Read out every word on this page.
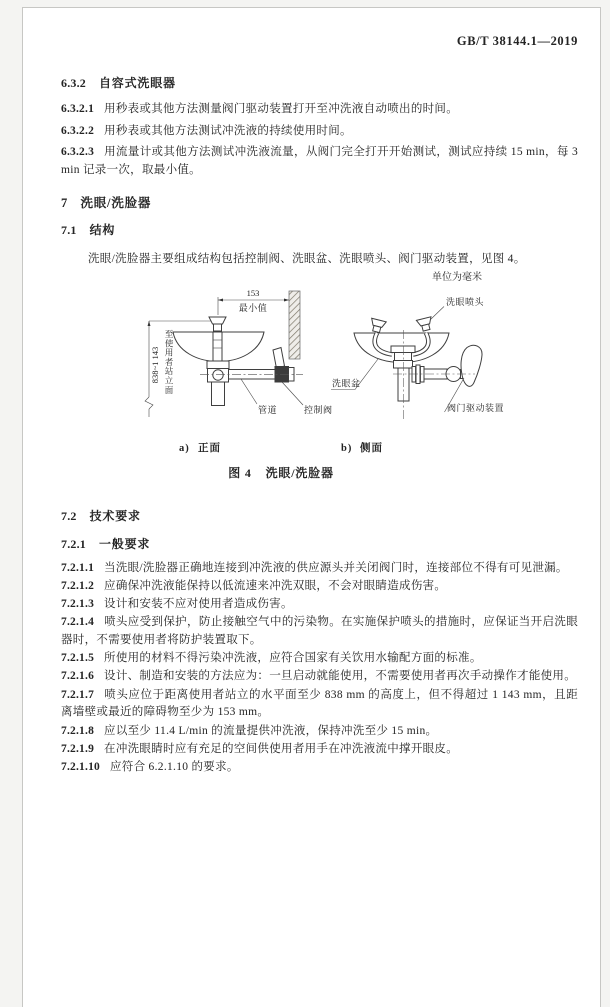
GB/T 38144.1—2019
6.3.2 自容式洗眼器

6.3.2.1 用秒表或其他方法测量阀门驱动装置打开至冲洗液自动喷出的时间。

6.3.2.2 用秒表或其他方法测试冲洗液的持续使用时间。

6.3.2.3 用流量计或其他方法测试冲洗液流量，从阀门完全打开开始测试，测试应持续 15 min，每 3 min 记录一次，取最小值。

7 洗眼/洗脸器
7.1 结构

洗眼/洗脸器主要组成结构包括控制阀、洗眼盆、洗眼喷头、阀门驱动装置，见图 4。

单位为毫米
153
最小值
838~1 143
至使用者站立面
管道	控制阀
a) 正面
洗眼喷头
洗眼盆
阀门驱动装置
b) 侧面
图 4 洗眼/洗脸器
7.2 技术要求
7.2.1 一般要求

7.2.1.1 当洗眼/洗脸器正确地连接到冲洗液的供应源头并关闭阀门时，连接部位不得有可见泄漏。

7.2.1.2 应确保冲洗液能保持以低流速来冲洗双眼，不会对眼睛造成伤害。

7.2.1.3 设计和安装不应对使用者造成伤害。

7.2.1.4 喷头应受到保护，防止接触空气中的污染物。在实施保护喷头的措施时，应保证当开启洗眼器时，不需要使用者将防护装置取下。

7.2.1.5 所使用的材料不得污染冲洗液，应符合国家有关饮用水输配方面的标准。

7.2.1.6 设计、制造和安装的方法应为：一旦启动就能使用，不需要使用者再次手动操作才能使用。

7.2.1.7 喷头应位于距离使用者站立的水平面至少 838 mm 的高度上，但不得超过 1 143 mm，且距离墙壁或最近的障碍物至少为 153 mm。

7.2.1.8 应以至少 11.4 L/min 的流量提供冲洗液，保持冲洗至少 15 min。

7.2.1.9 在冲洗眼睛时应有充足的空间供使用者用手在冲洗液流中撑开眼皮。

7.2.1.10 应符合 6.2.1.10 的要求。
